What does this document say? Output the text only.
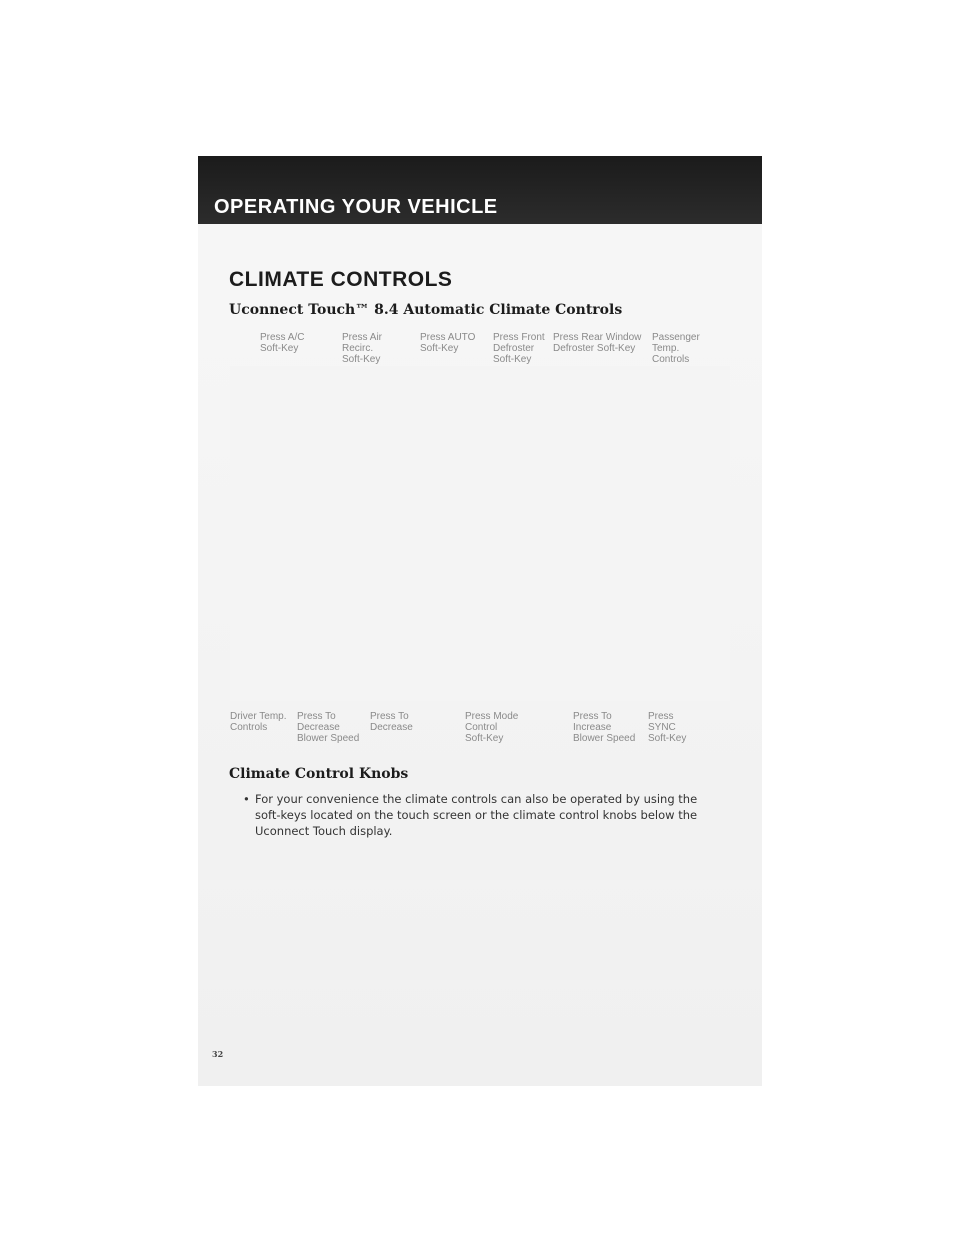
OPERATING YOUR VEHICLE
CLIMATE CONTROLS
Uconnect Touch™ 8.4 Automatic Climate Controls
Press A/C
Soft-Key
Press Air
Recirc.
Soft-Key
Press AUTO
Soft-Key
Press Front
Defroster
Soft-Key
Press Rear Window
Defroster Soft-Key
Passenger
Temp.
Controls
Driver Temp.
Controls
Press To
Decrease
Blower Speed
Press To
Decrease
Press Mode
Control
Soft-Key
Press To
Increase
Blower Speed
Press
SYNC
Soft-Key
Climate Control Knobs
• For your convenience the climate controls can also be operated by using the soft-keys located on the touch screen or the climate control knobs below the Uconnect Touch display.
32
